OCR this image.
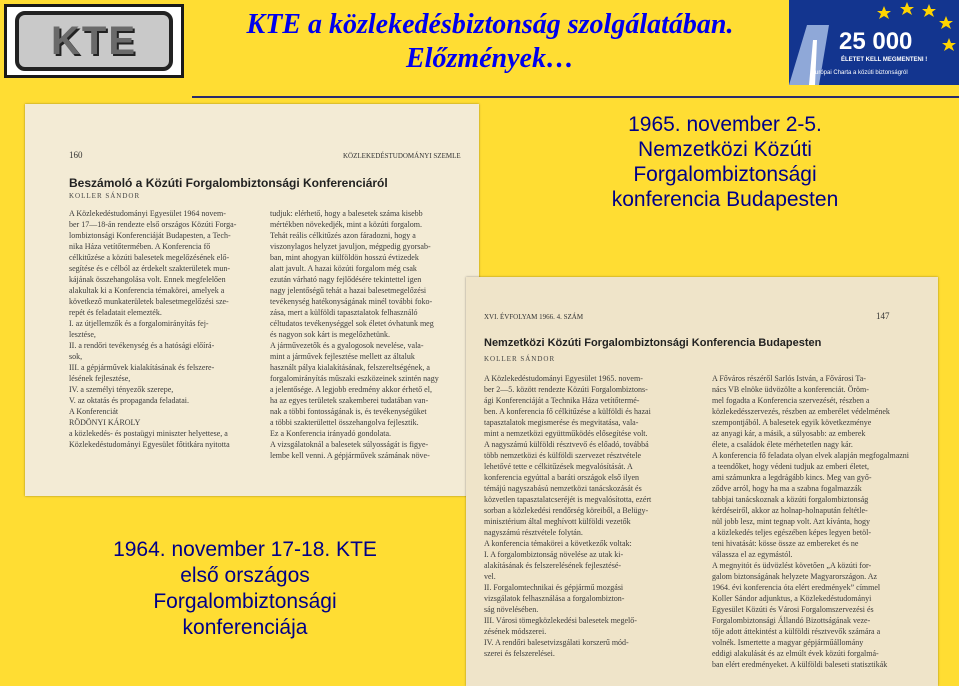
KTE	KTE a közlekedésbiztonság szolgálatában.
Előzmények…
25 000
ÉLETET KELL MEGMENTENI !
Európai Charta a közúti biztonságról
160	KÖZLEKEDÉSTUDOMÁNYI SZEMLE
Beszámoló a Közúti Forgalombiztonsági Konferenciáról
KOLLER SÁNDOR
A Közlekedéstudományi Egyesület 1964 novem-
ber 17—18-án rendezte első országos Közúti Forga-
lombiztonsági Konferenciáját Budapesten, a Tech-
nika Háza vetítőtermében. A Konferencia fő
célkitűzése a közúti balesetek megelőzésének elő-
segítése és e célból az érdekelt szakterületek mun-
kájának összehangolása volt. Ennek megfelelően
alakultak ki a Konferencia témakörei, amelyek a
következő munkaterületek balesetmegelőzési sze-
repét és feladatait elemezték.
I. az útjellemzők és a forgalomirányítás fej-
lesztése,
II. a rendőri tevékenység és a hatósági előírá-
sok,
III. a gépjárművek kialakításának és felszere-
lésének fejlesztése,
IV. a személyi tényezők szerepe,
V. az oktatás és propaganda feladatai.
A Konferenciát
RÖDÖNYI KÁROLY
a közlekedés- és postaügyi miniszter helyettese, a
Közlekedéstudományi Egyesület főtitkára nyitotta
tudjuk: elérhető, hogy a balesetek száma kisebb
mértékben növekedjék, mint a közúti forgalom.
Tehát reális célkitűzés azon fáradozni, hogy a
viszonylagos helyzet javuljon, mégpedig gyorsab-
ban, mint ahogyan külföldön hosszú évtizedek
alatt javult. A hazai közúti forgalom még csak
ezután várható nagy fejlődésére tekintettel igen
nagy jelentőségű tehát a hazai balesetmegelőzési
tevékenység hatékonyságának minél további foko-
zása, mert a külföldi tapasztalatok felhasználó
céltudatos tevékenységgel sok életet óvhatunk meg
és nagyon sok kárt is megelőzhetünk.
A járművezetők és a gyalogosok nevelése, vala-
mint a járművek fejlesztése mellett az általuk
használt pálya kialakításának, felszereltségének, a
forgalomirányítás műszaki eszközeinek szintén nagy
a jelentősége. A legjobb eredmény akkor érhető el,
ha az egyes területek szakemberei tudatában van-
nak a többi fontosságának is, és tevékenységüket
a többi szakterülettel összehangolva fejlesztik.
Ez a Konferencia irányadó gondolata.
A vizsgálatoknál a balesetek súlyosságát is figye-
lembe kell venni. A gépjárművek számának növe-
XVI. ÉVFOLYAM 1966. 4. SZÁM	147
Nemzetközi Közúti Forgalombiztonsági Konferencia Budapesten
KOLLER SÁNDOR
A Közlekedéstudományi Egyesület 1965. novem-
ber 2—5. között rendezte Közúti Forgalombiztons-
ági Konferenciáját a Technika Háza vetítőtermé-
ben. A konferencia fő célkitűzése a külföldi és hazai
tapasztalatok megismerése és megvitatása, vala-
mint a nemzetközi együttműködés elősegítése volt.
A nagyszámú külföldi résztvevő és előadó, továbbá
több nemzetközi és külföldi szervezet résztvétele
lehetővé tette e célkitűzések megvalósítását. A
konferencia egyúttal a baráti országok első ilyen
témájú nagyszabású nemzetközi tanácskozását és
közvetlen tapasztalatcseréjét is megvalósította, ezért
sorban a közlekedési rendőrség köreiből, a Belügy-
minisztérium által meghívott külföldi vezetők
nagyszámú résztvétele folytán.
A konferencia témakörei a következők voltak:
I. A forgalombiztonság növelése az utak ki-
alakításának és felszerelésének fejlesztésé-
vel.
II. Forgalomtechnikai és gépjármű mozgási
vizsgálatok felhasználása a forgalombizton-
ság növelésében.
III. Városi tömegközlekedési balesetek megelő-
zésének módszerei.
IV. A rendőri balesetvizsgálati korszerű mód-
szerei és felszerelései.
A Főváros részéről Sarlós István, a Fővárosi Ta-
nács VB elnöke üdvözölte a konferenciát. Öröm-
mel fogadta a Konferencia szervezését, részben a
közlekedésszervezés, részben az emberélet védelmének
szempontjából. A balesetek egyik következménye
az anyagi kár, a másik, a súlyosabb: az emberek
élete, a családok élete mérhetetlen nagy kár.
A konferencia fő feladata olyan elvek alapján megfogalmazni
a teendőket, hogy védeni tudjuk az emberi életet,
ami számunkra a legdrágább kincs. Meg van győ-
ződve arról, hogy ha ma a szabna fogalmazzák
tabbjai tanácskoznak a közúti forgalombiztonság
kérdéseiről, akkor az holnap-holnapután feltétle-
nül jobb lesz, mint tegnap volt. Azt kívánta, hogy
a közlekedés teljes egészében képes legyen betöl-
teni hivatását: kösse össze az embereket és ne
válassza el az egymástól.
A megnyitót és üdvözlést követően „A közúti for-
galom biztonságának helyzete Magyarországon. Az
1964. évi konferencia óta elért eredmények” címmel
Koller Sándor adjunktus, a Közlekedéstudományi
Egyesület Közúti és Városi Forgalomszervezési és
Forgalombiztonsági Állandó Bizottságának veze-
tője adott áttekintést a külföldi résztvevők számára a
volnék. Ismertette a magyar gépjárműállomány
eddigi alakulását és az elmúlt évek közúti forgalmá-
ban elért eredményeket. A külföldi baleseti statisztikák
1965. november 2-5.
Nemzetközi Közúti
Forgalombiztonsági
konferencia Budapesten
1964. november 17-18. KTE
első országos
Forgalombiztonsági
konferenciája
